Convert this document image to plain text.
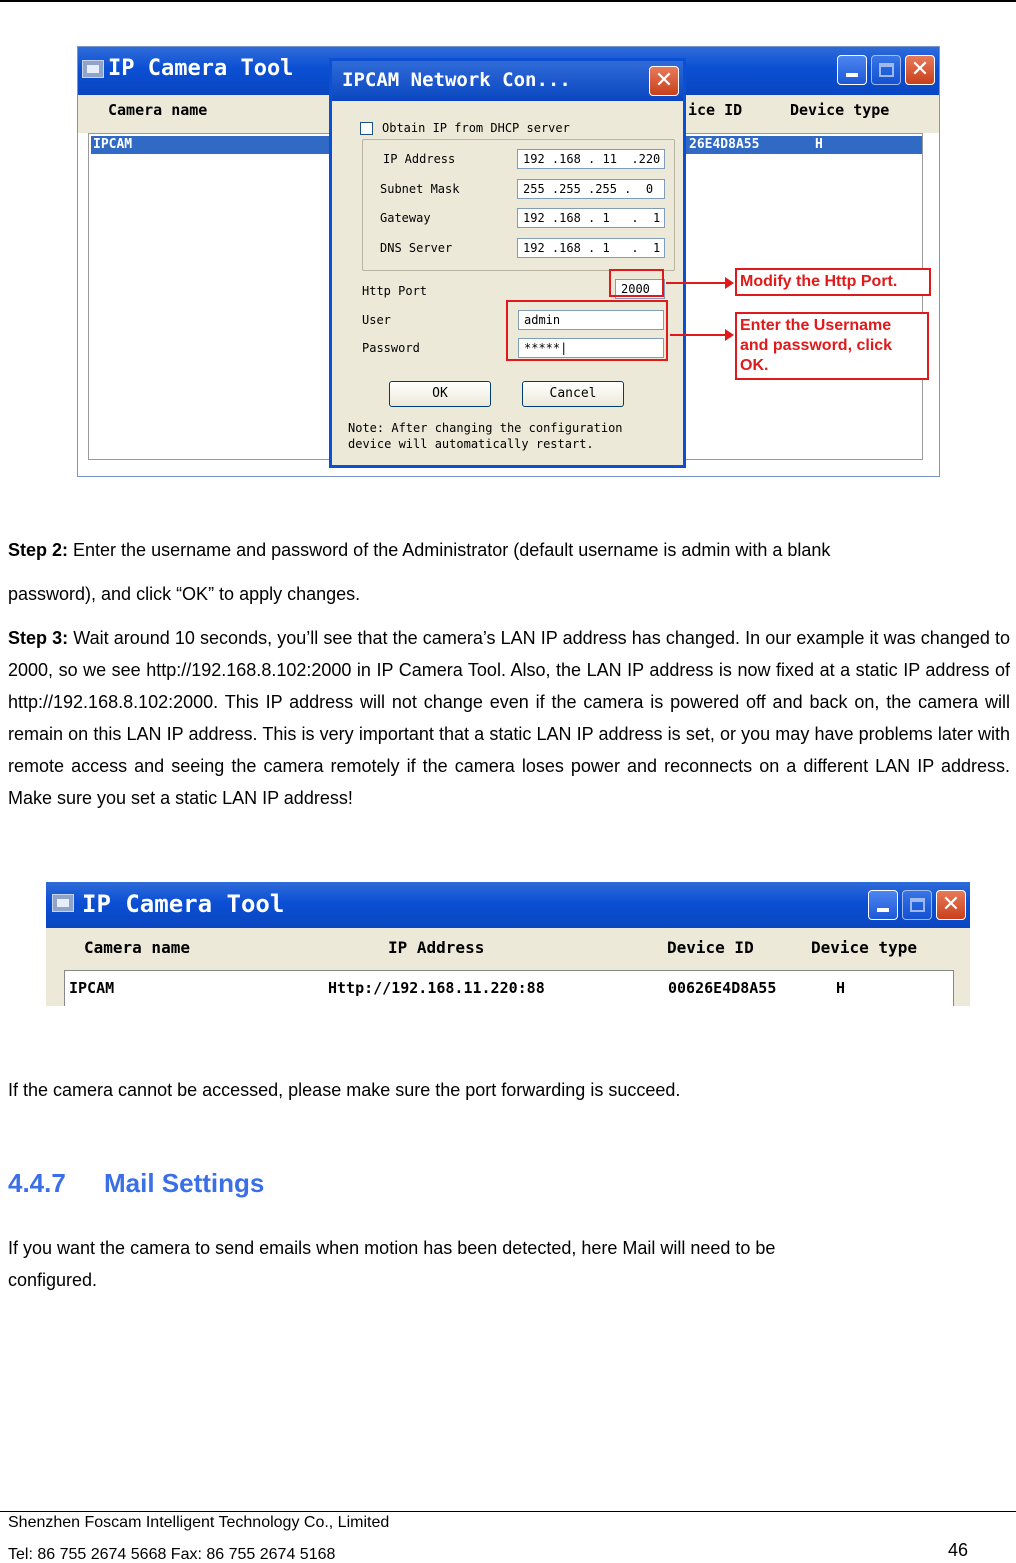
IP Camera Tool	✕
Camera name	ice ID	Device type
IPCAM	26E4D8A55	H
IPCAM Network Con...	✕
Obtain IP from DHCP server
IP Address	192 .168 . 11  .220
Subnet Mask	255 .255 .255 .  0
Gateway	192 .168 . 1   .  1
DNS Server	192 .168 . 1   .  1
Http Port	2000
User	admin
Password	*****|
OK	Cancel
Note: After changing the configuration
device will automatically restart.
Modify the Http Port.
Enter the Username
and password, click
OK.
Step 2: Enter the username and password of the Administrator (default username is admin with a blank
password), and click “OK” to apply changes.
Step 3: Wait around 10 seconds, you’ll see that the camera’s LAN IP address has changed. In our example it was changed to 2000, so we see http://192.168.8.102:2000 in IP Camera Tool. Also, the LAN IP address is now fixed at a static IP address of http://192.168.8.102:2000. This IP address will not change even if the camera is powered off and back on, the camera will remain on this LAN IP address. This is very important that a static LAN IP address is set, or you may have problems later with remote access and seeing the camera remotely if the camera loses power and reconnects on a different LAN IP address. Make sure you set a static LAN IP address!
IP Camera Tool	✕
Camera name	IP Address	Device ID	Device type
IPCAM	Http://192.168.11.220:88	00626E4D8A55	H
If the camera cannot be accessed, please make sure the port forwarding is succeed.
4.4.7 Mail Settings
If you want the camera to send emails when motion has been detected, here Mail will need to be
configured.
Shenzhen Foscam Intelligent Technology Co., Limited
Tel: 86 755 2674 5668 Fax: 86 755 2674 5168	46
